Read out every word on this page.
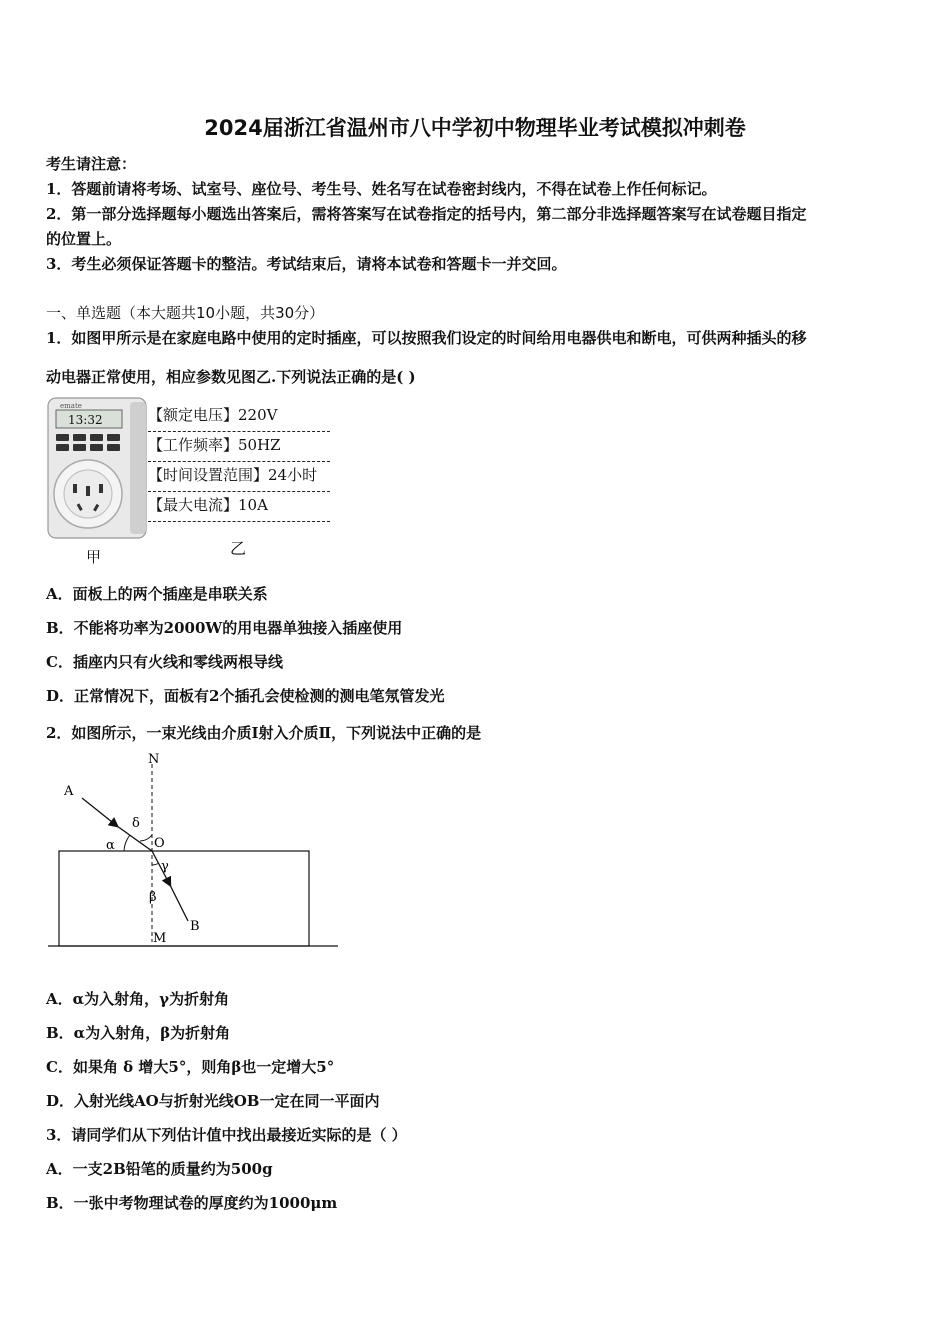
2024届浙江省温州市八中学初中物理毕业考试模拟冲刺卷
考生请注意：
1．答题前请将考场、试室号、座位号、考生号、姓名写在试卷密封线内，不得在试卷上作任何标记。
2．第一部分选择题每小题选出答案后，需将答案写在试卷指定的括号内，第二部分非选择题答案写在试卷题目指定
的位置上。
3．考生必须保证答题卡的整洁。考试结束后，请将本试卷和答题卡一并交回。
一、单选题（本大题共10小题，共30分）
1．如图甲所示是在家庭电路中使用的定时插座，可以按照我们设定的时间给用电器供电和断电，可供两种插头的移
动电器正常使用，相应参数见图乙.下列说法正确的是( )
emate
13:32
甲
【额定电压】220V
【工作频率】50HZ
【时间设置范围】24小时
【最大电流】10A
乙
A．面板上的两个插座是串联关系
B．不能将功率为2000W的用电器单独接入插座使用
C．插座内只有火线和零线两根导线
D．正常情况下，面板有2个插孔会使检测的测电笔氖管发光
2．如图所示，一束光线由介质Ⅰ射入介质Ⅱ，下列说法中正确的是
N
A
δ
α	O
γ
β
B
M
A．α为入射角，γ为折射角
B．α为入射角，β为折射角
C．如果角 δ 增大5°，则角β也一定增大5°
D．入射光线AO与折射光线OB一定在同一平面内
3．请同学们从下列估计值中找出最接近实际的是（ ）
A．一支2B铅笔的质量约为500g
B．一张中考物理试卷的厚度约为1000μm
